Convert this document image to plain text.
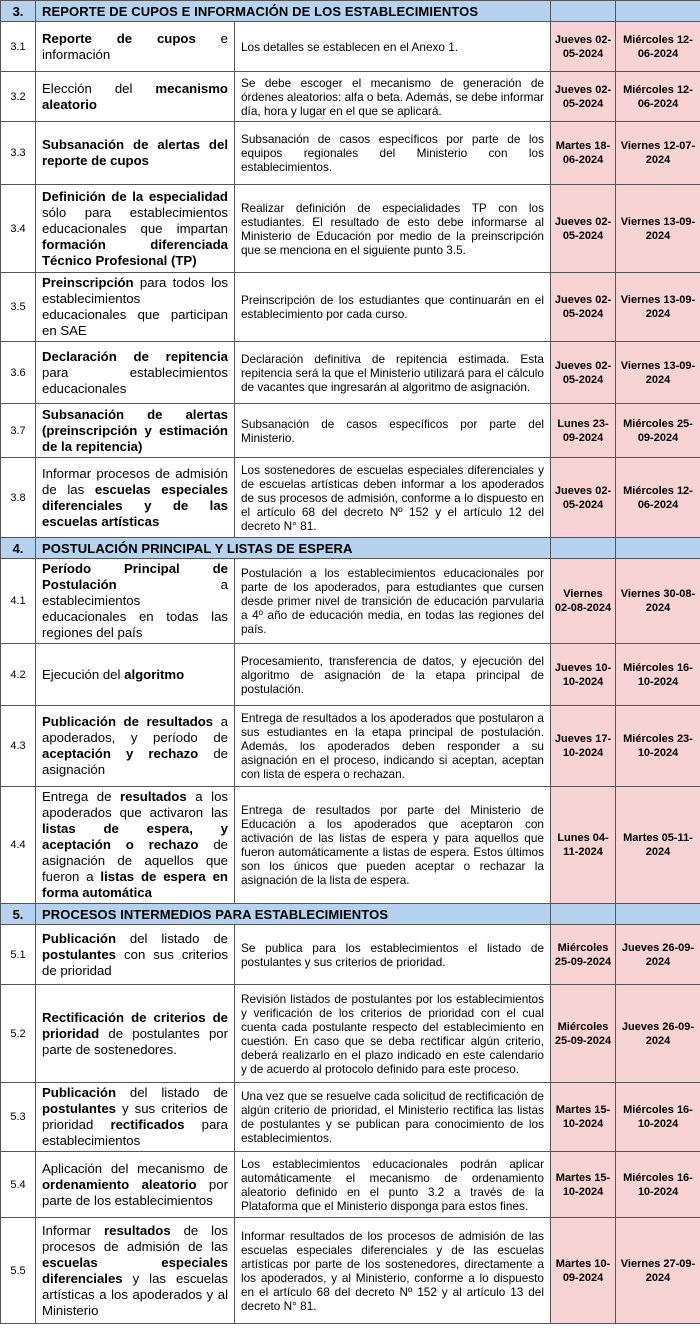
3.	REPORTE DE CUPOS E INFORMACIÓN DE LOS ESTABLECIMIENTOS			
3.1	Reporte de cupos e información	Los detalles se establecen en el Anexo 1.	Jueves 02-05-2024	Miércoles 12-06-2024
3.2	Elección del mecanismo aleatorio	Se debe escoger el mecanismo de generación de órdenes aleatorios: alfa o beta. Además, se debe informar día, hora y lugar en el que se aplicará.	Jueves 02-05-2024	Miércoles 12-06-2024
3.3	Subsanación de alertas del reporte de cupos	Subsanación de casos específicos por parte de los equipos regionales del Ministerio con los establecimientos.	Martes 18-06-2024	Viernes 12-07-2024
3.4	Definición de la especialidad sólo para establecimientos educacionales que impartan formación diferenciada Técnico Profesional (TP)	Realizar definición de especialidades TP con los estudiantes. El resultado de esto debe informarse al Ministerio de Educación por medio de la preinscripción que se menciona en el siguiente punto 3.5.	Jueves 02-05-2024	Viernes 13-09-2024
3.5	Preinscripción para todos los establecimientos educacionales que participan en SAE	Preinscripción de los estudiantes que continuarán en el establecimiento por cada curso.	Jueves 02-05-2024	Viernes 13-09-2024
3.6	Declaración de repitencia para establecimientos educacionales	Declaración definitiva de repitencia estimada. Esta repitencia será la que el Ministerio utilizará para el cálculo de vacantes que ingresarán al algoritmo de asignación.	Jueves 02-05-2024	Viernes 13-09-2024
3.7	Subsanación de alertas (preinscripción y estimación de la repitencia)	Subsanación de casos específicos por parte del Ministerio.	Lunes 23-09-2024	Miércoles 25-09-2024
3.8	Informar procesos de admisión de las escuelas especiales diferenciales y de las escuelas artísticas	Los sostenedores de escuelas especiales diferenciales y de escuelas artísticas deben informar a los apoderados de sus procesos de admisión, conforme a lo dispuesto en el artículo 68 del decreto Nº 152 y el artículo 12 del decreto N° 81.	Jueves 02-05-2024	Miércoles 12-06-2024
4.	POSTULACIÓN PRINCIPAL Y LISTAS DE ESPERA			
4.1	Período Principal de Postulación a establecimientos educacionales en todas las regiones del país	Postulación a los establecimientos educacionales por parte de los apoderados, para estudiantes que cursen desde primer nivel de transición de educación parvularia a 4º año de educación media, en todas las regiones del país.	Viernes 02-08-2024	Viernes 30-08-2024
4.2	Ejecución del algoritmo	Procesamiento, transferencia de datos, y ejecución del algoritmo de asignación de la etapa principal de postulación.	Jueves 10-10-2024	Miércoles 16-10-2024
4.3	Publicación de resultados a apoderados, y período de aceptación y rechazo de asignación	Entrega de resultados a los apoderados que postularon a sus estudiantes en la etapa principal de postulación. Además, los apoderados deben responder a su asignación en el proceso, indicando si aceptan, aceptan con lista de espera o rechazan.	Jueves 17-10-2024	Miércoles 23-10-2024
4.4	Entrega de resultados a los apoderados que activaron las listas de espera, y aceptación o rechazo de asignación de aquellos que fueron a listas de espera en forma automática	Entrega de resultados por parte del Ministerio de Educación a los apoderados que aceptaron con activación de las listas de espera y para aquellos que fueron automáticamente a listas de espera. Estos últimos son los únicos que pueden aceptar o rechazar la asignación de la lista de espera.	Lunes 04-11-2024	Martes 05-11-2024
5.	PROCESOS INTERMEDIOS PARA ESTABLECIMIENTOS			
5.1	Publicación del listado de postulantes con sus criterios de prioridad	Se publica para los establecimientos el listado de postulantes y sus criterios de prioridad.	Miércoles 25-09-2024	Jueves 26-09-2024
5.2	Rectificación de criterios de prioridad de postulantes por parte de sostenedores.	Revisión listados de postulantes por los establecimientos y verificación de los criterios de prioridad con el cual cuenta cada postulante respecto del establecimiento en cuestión. En caso que se deba rectificar algún criterio, deberá realizarlo en el plazo indicado en este calendario y de acuerdo al protocolo definido para este proceso.	Miércoles 25-09-2024	Jueves 26-09-2024
5.3	Publicación del listado de postulantes y sus criterios de prioridad rectificados para establecimientos	Una vez que se resuelve cada solicitud de rectificación de algún criterio de prioridad, el Ministerio rectifica las listas de postulantes y se publican para conocimiento de los establecimientos.	Martes 15-10-2024	Miércoles 16-10-2024
5.4	Aplicación del mecanismo de ordenamiento aleatorio por parte de los establecimientos	Los establecimientos educacionales podrán aplicar automáticamente el mecanismo de ordenamiento aleatorio definido en el punto 3.2 a través de la Plataforma que el Ministerio disponga para estos fines.	Martes 15-10-2024	Miércoles 16-10-2024
5.5	Informar resultados de los procesos de admisión de las escuelas especiales diferenciales y las escuelas artísticas a los apoderados y al Ministerio	Informar resultados de los procesos de admisión de las escuelas especiales diferenciales y de las escuelas artísticas por parte de los sostenedores, directamente a los apoderados, y al Ministerio, conforme a lo dispuesto en el artículo 68 del decreto Nº 152 y al artículo 13 del decreto N° 81.	Martes 10-09-2024	Viernes 27-09-2024
